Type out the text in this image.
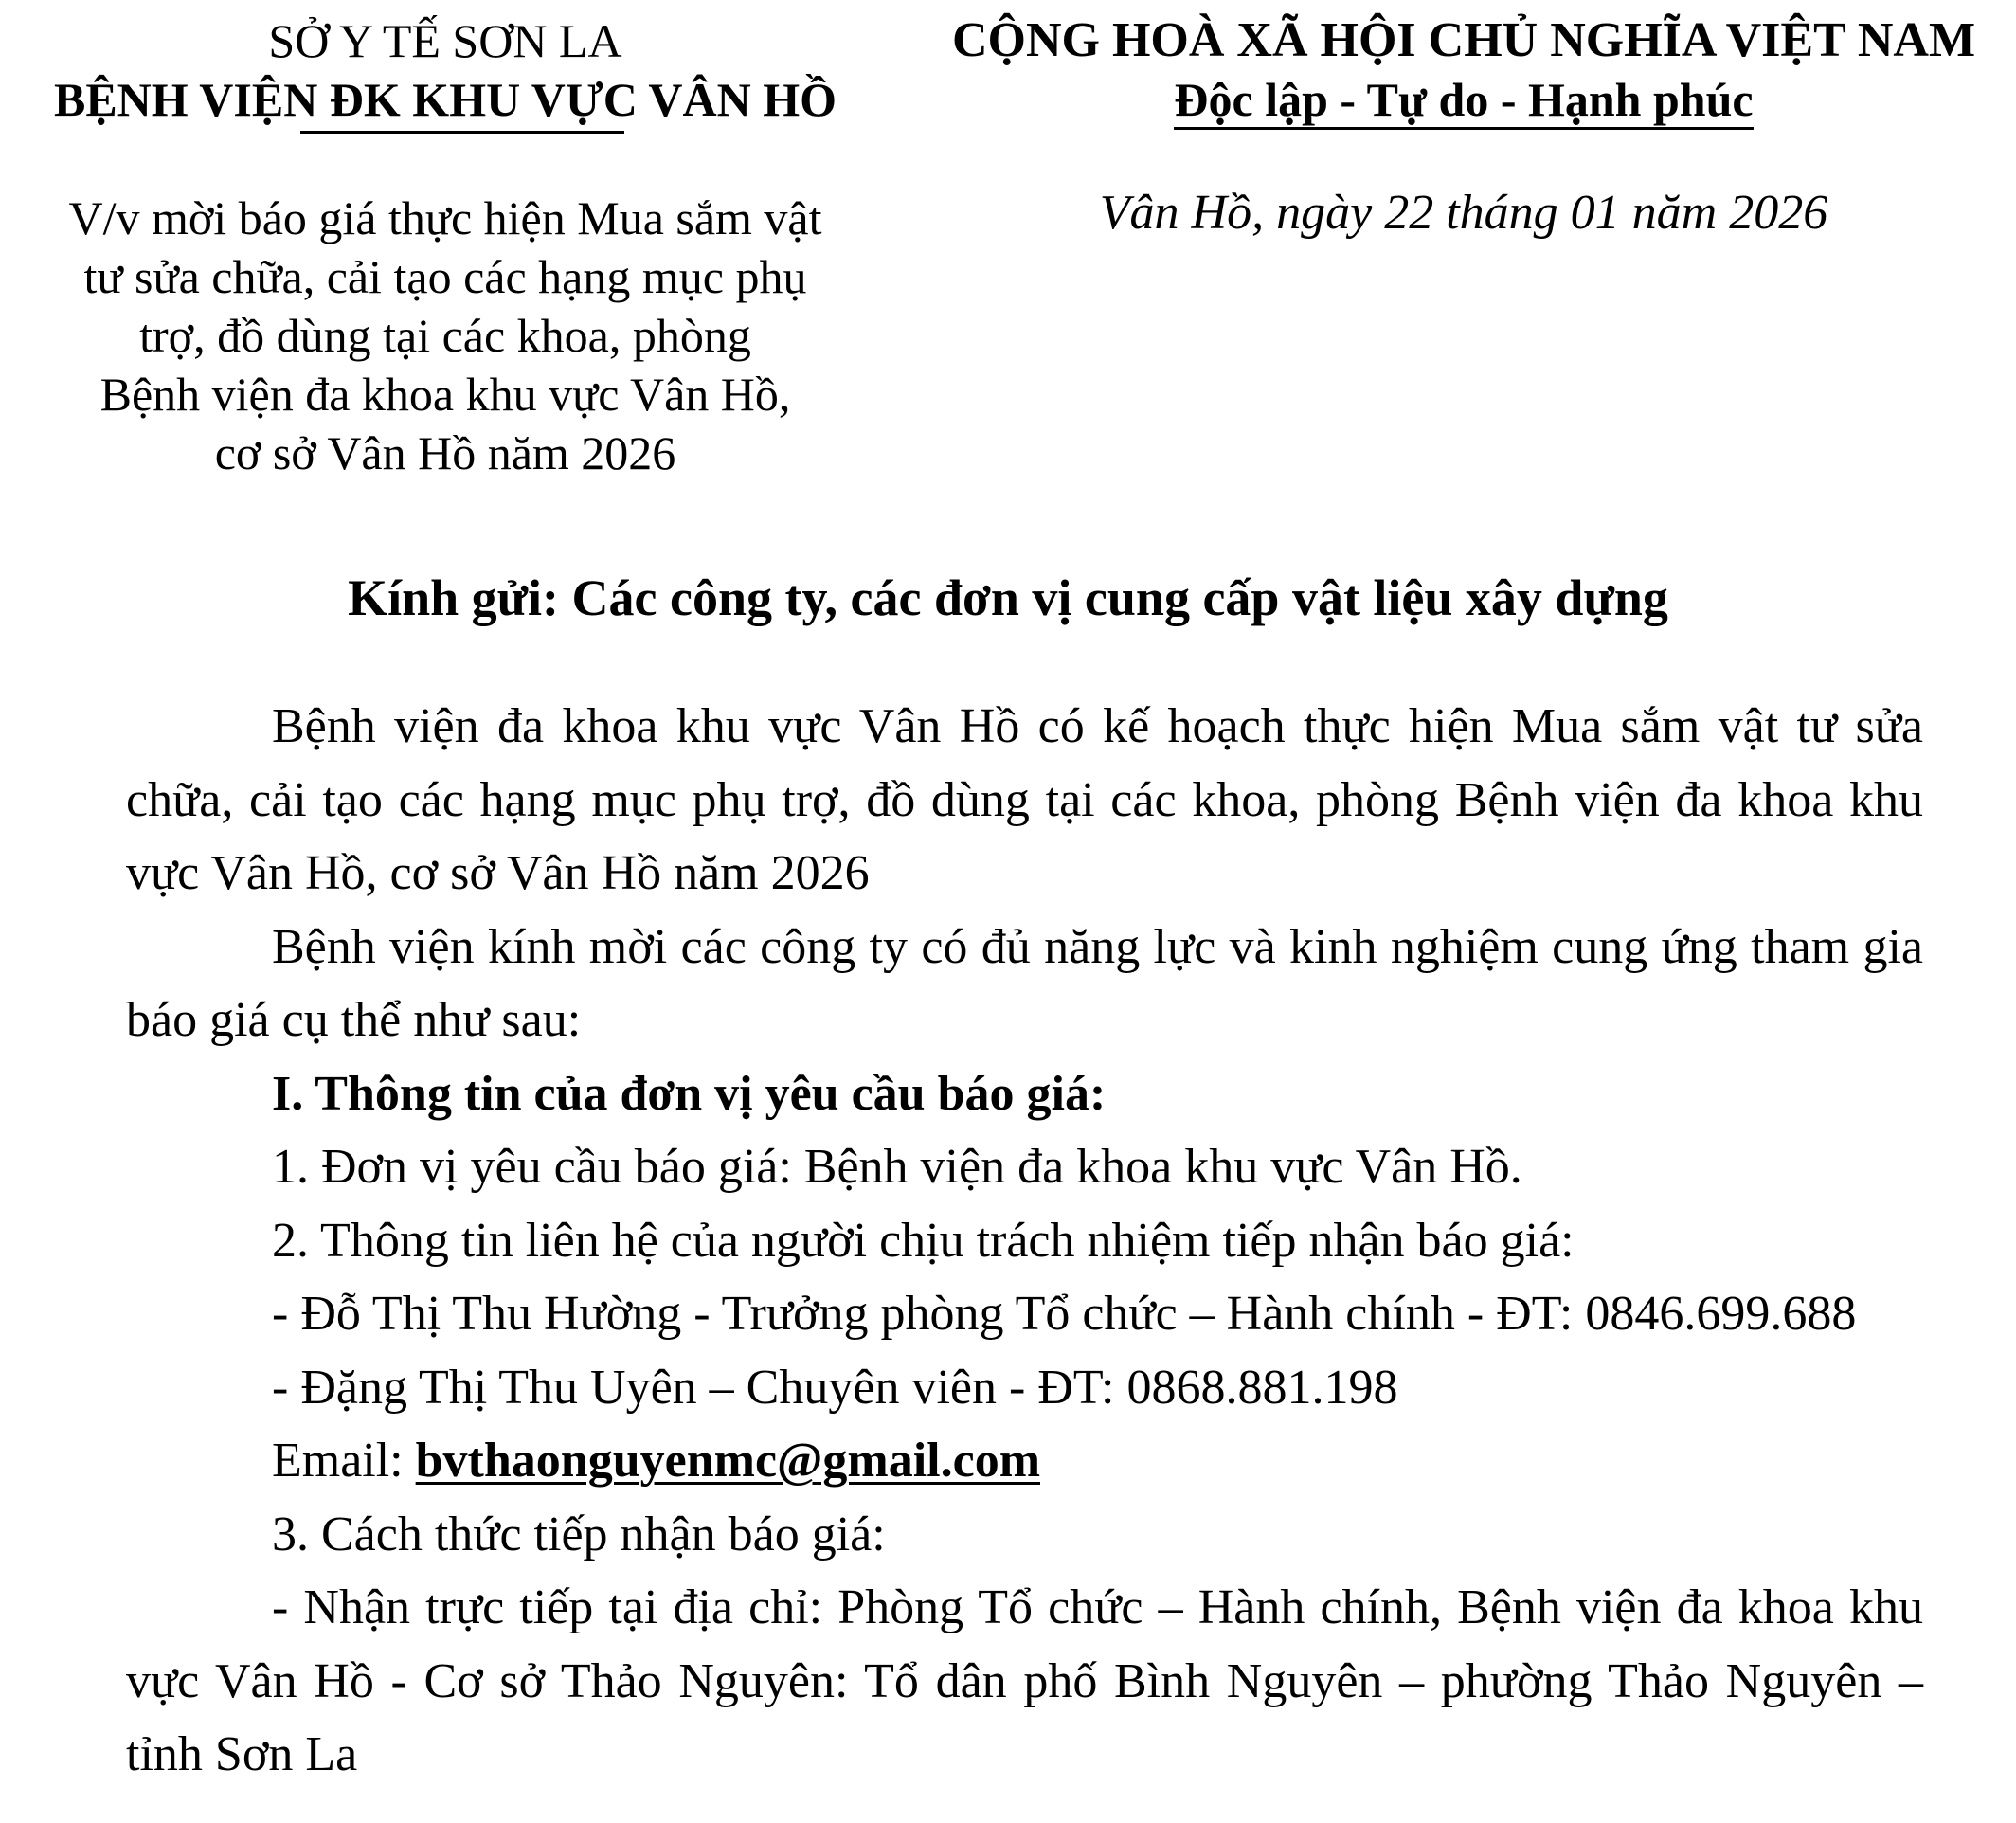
SỞ Y TẾ SƠN LA
BỆNH VIỆN ĐK KHU VỰC VÂN HỒ
V/v mời báo giá thực hiện Mua sắm vật
tư sửa chữa, cải tạo các hạng mục phụ
trợ, đồ dùng tại các khoa, phòng
Bệnh viện đa khoa khu vực Vân Hồ,
cơ sở Vân Hồ năm 2026
CỘNG HOÀ XÃ HỘI CHỦ NGHĨA VIỆT NAM
Độc lập - Tự do - Hạnh phúc
Vân Hồ, ngày 22 tháng 01 năm 2026
Kính gửi: Các công ty, các đơn vị cung cấp vật liệu xây dựng

Bệnh viện đa khoa khu vực Vân Hồ có kế hoạch thực hiện Mua sắm vật tư sửa chữa, cải tạo các hạng mục phụ trợ, đồ dùng tại các khoa, phòng Bệnh viện đa khoa khu vực Vân Hồ, cơ sở Vân Hồ năm 2026

Bệnh viện kính mời các công ty có đủ năng lực và kinh nghiệm cung ứng tham gia báo giá cụ thể như sau:

I. Thông tin của đơn vị yêu cầu báo giá:

1. Đơn vị yêu cầu báo giá: Bệnh viện đa khoa khu vực Vân Hồ.

2. Thông tin liên hệ của người chịu trách nhiệm tiếp nhận báo giá:

- Đỗ Thị Thu Hường - Trưởng phòng Tổ chức – Hành chính - ĐT: 0846.699.688

- Đặng Thị Thu Uyên – Chuyên viên - ĐT: 0868.881.198

Email: bvthaonguyenmc@gmail.com

3. Cách thức tiếp nhận báo giá:

- Nhận trực tiếp tại địa chỉ: Phòng Tổ chức – Hành chính, Bệnh viện đa khoa khu vực Vân Hồ - Cơ sở Thảo Nguyên: Tổ dân phố Bình Nguyên – phường Thảo Nguyên – tỉnh Sơn La
